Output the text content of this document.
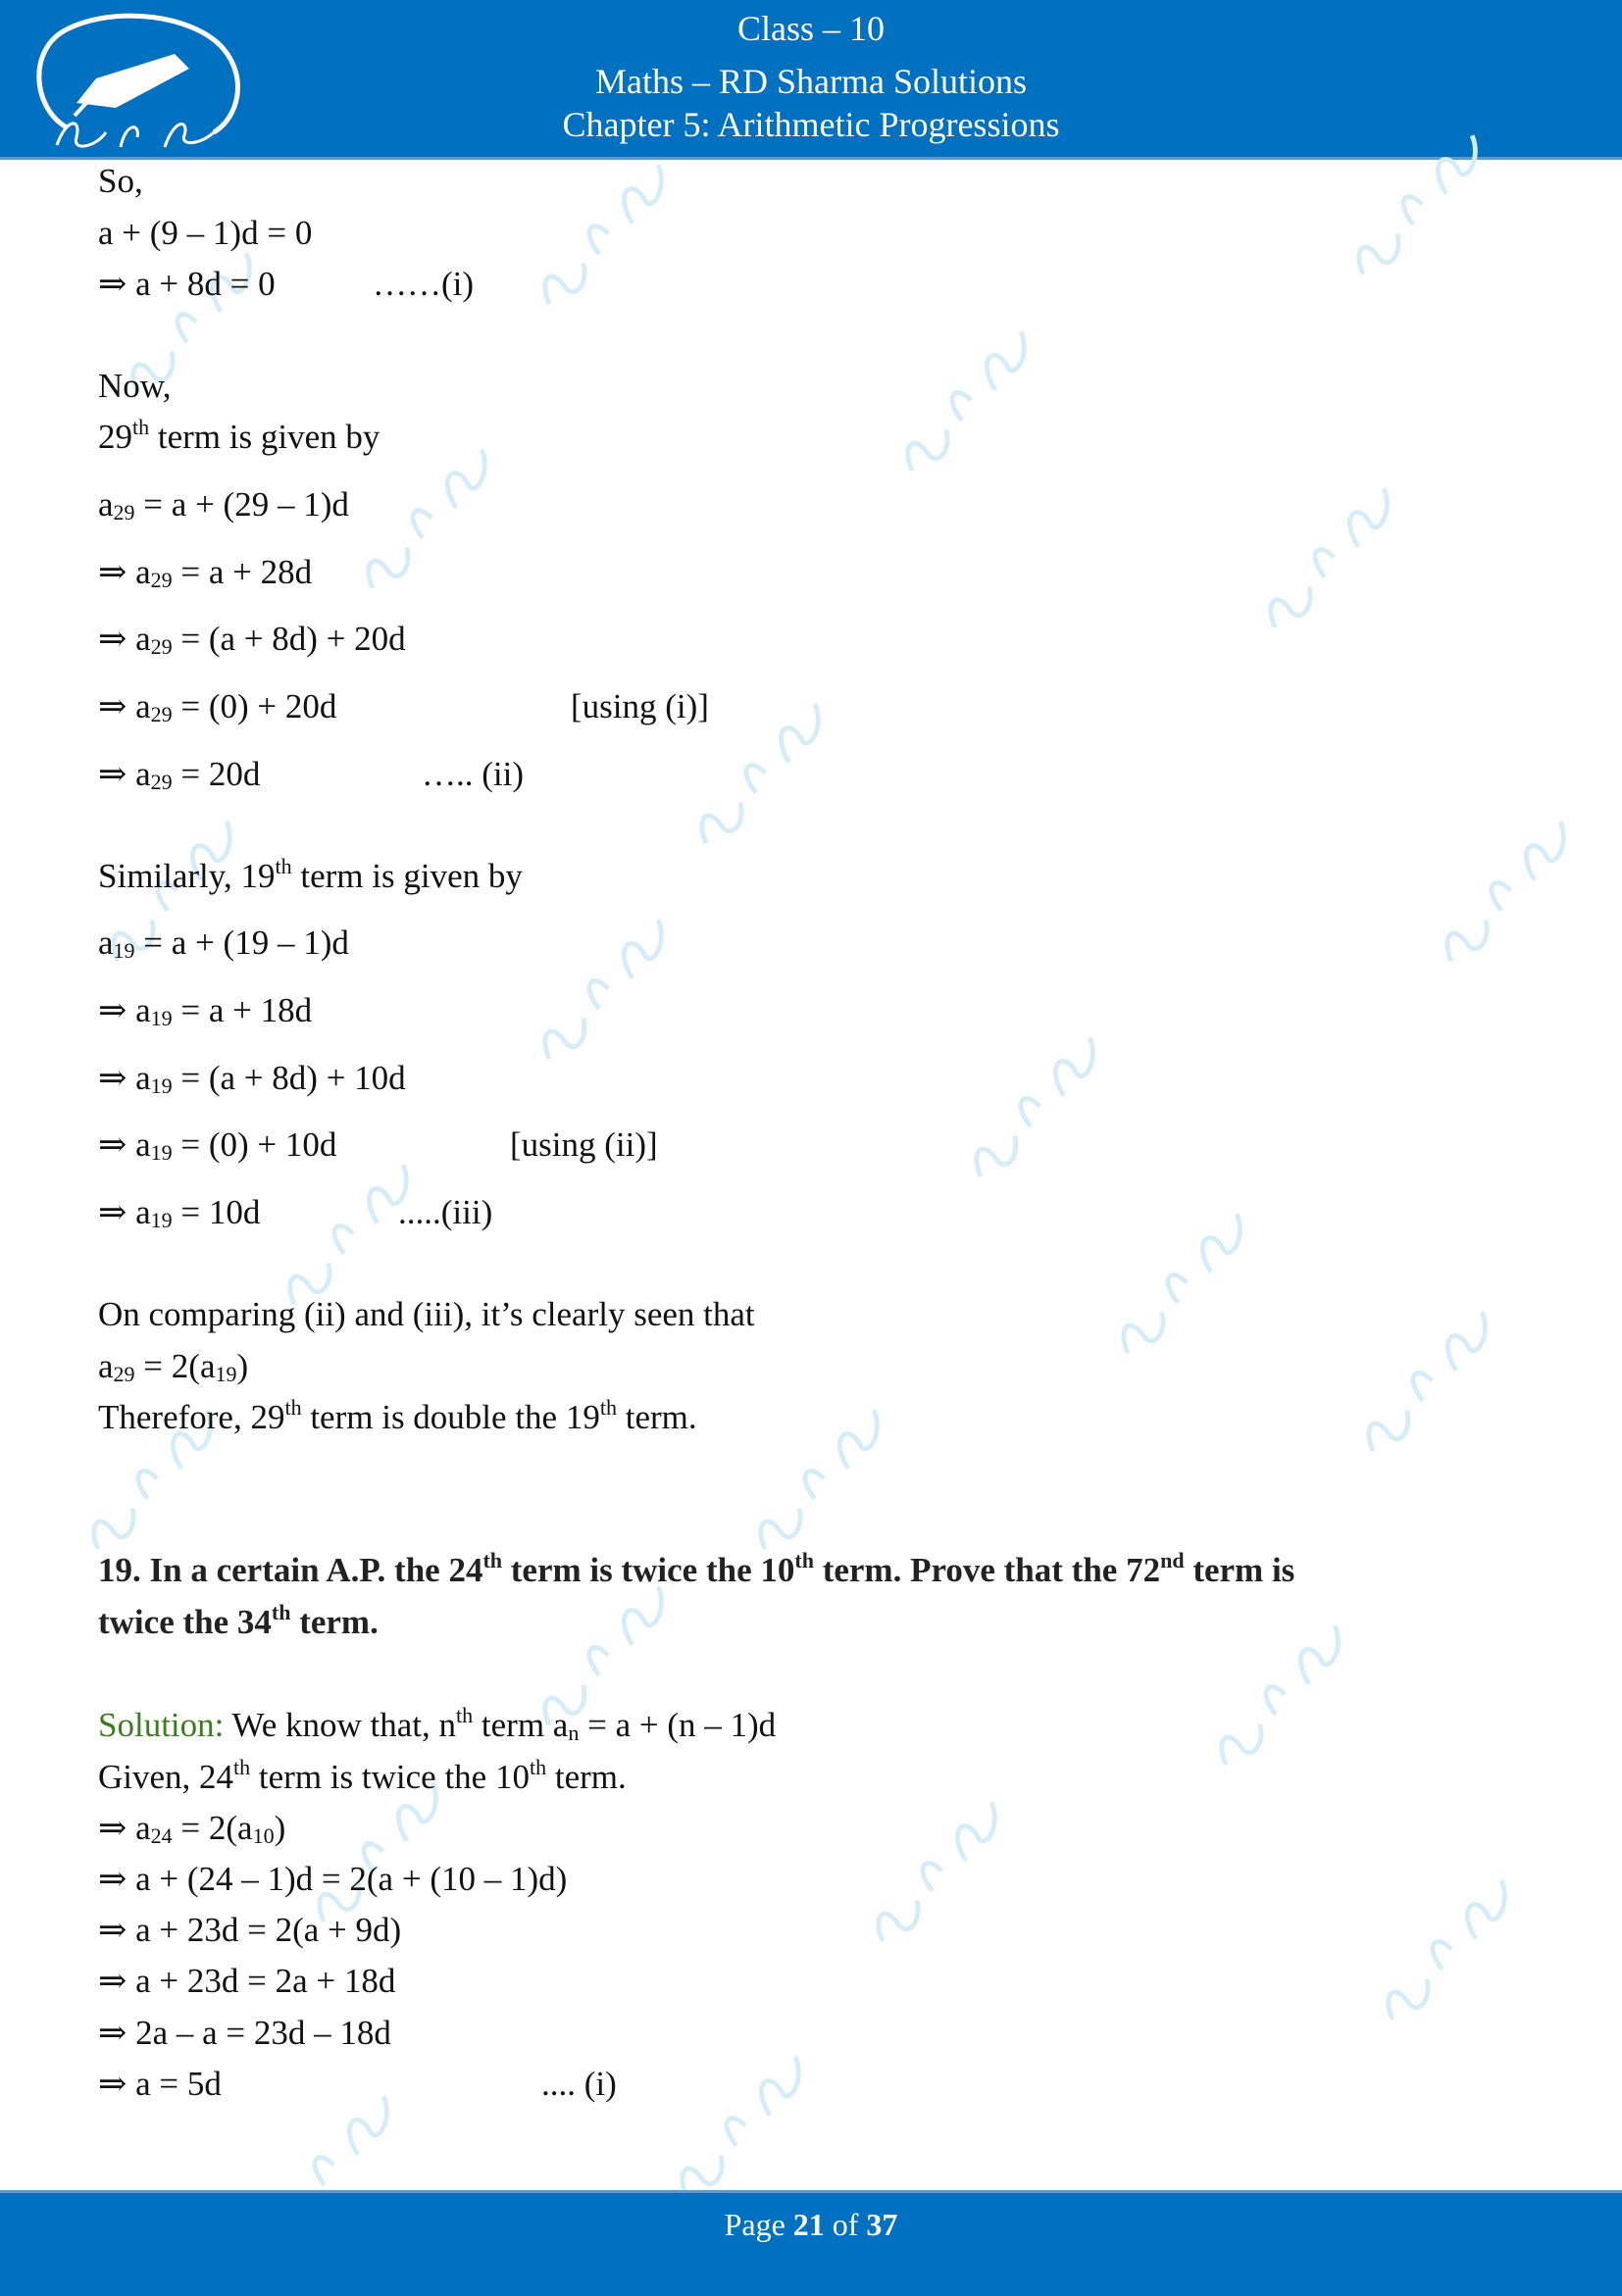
Class – 10
Maths – RD Sharma Solutions
Chapter 5: Arithmetic Progressions
So,
a + (9 – 1)d = 0
⇒ a + 8d = 0	……(i)
Now,
29th term is given by
$a_{29} = a + (29 - 1)d$
⇒ $a_{29} = a + 28d$
⇒ $a_{29} = (a + 8d) + 20d$
⇒ $a_{29} = (0) + 20d$	[using (i)]
⇒ $a_{29} = 20d$	….. (ii)
Similarly, 19th term is given by
$a_{19} = a + (19 - 1)d$
⇒ $a_{19} = a + 18d$
⇒ $a_{19} = (a + 8d) + 10d$
⇒ $a_{19} = (0) + 10d$	[using (ii)]
⇒ $a_{19} = 10d$	.....(iii)
On comparing (ii) and (iii), it’s clearly seen that
$a_{29} = 2(a_{19})$
Therefore, 29th term is double the 19th term.
19. In a certain A.P. the 24th term is twice the 10th term. Prove that the 72nd term is
twice the 34th term.
Solution: We know that, $n^{th}$ term $a_n = a + (n - 1)d$
Given, 24th term is twice the 10th term.
⇒ $a_{24} = 2(a_{10})$
⇒ a + (24 – 1)d = 2(a + (10 – 1)d)
⇒ a + 23d = 2(a + 9d)
⇒ a + 23d = 2a + 18d
⇒ 2a – a = 23d – 18d
⇒ a = 5d	.... (i)
Page 21 of 37
